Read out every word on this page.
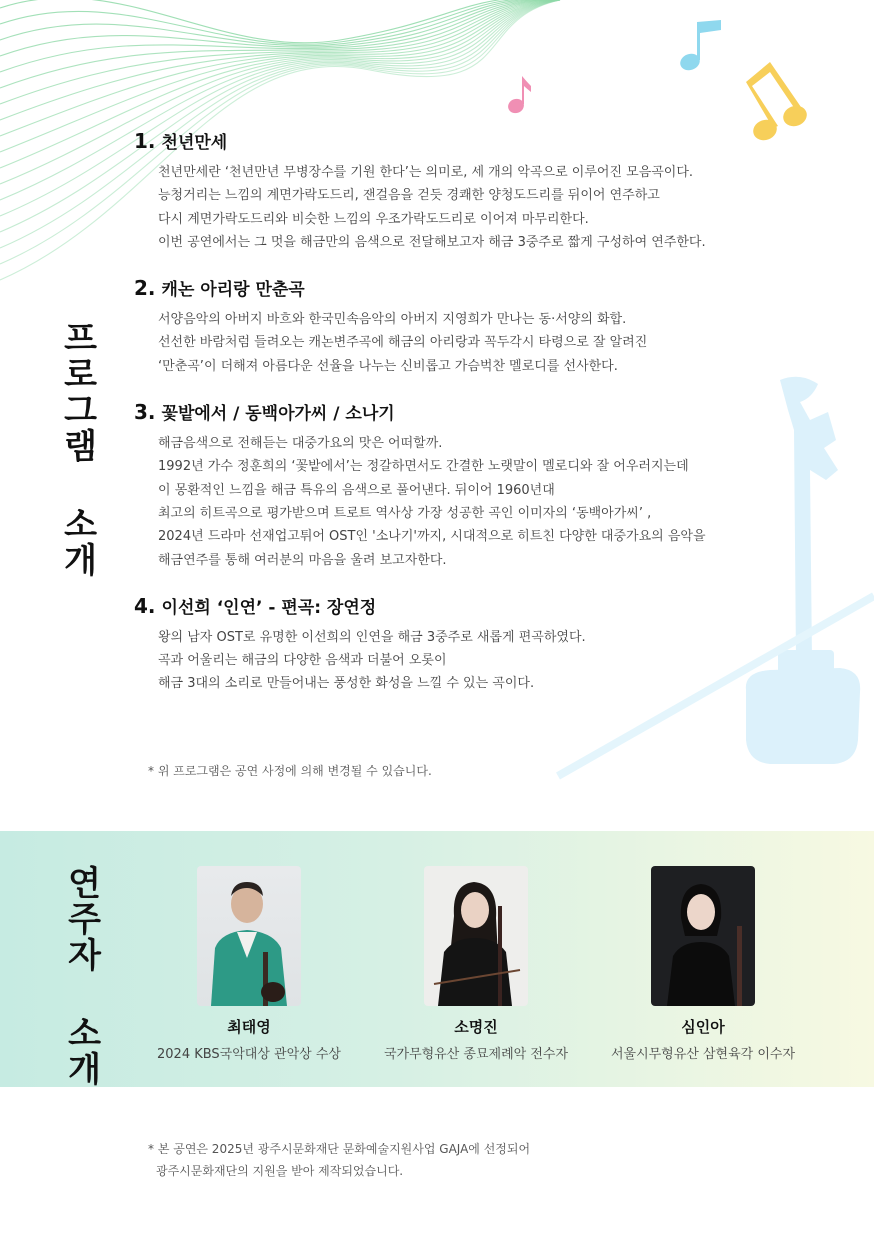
프로그램 소개
1. 천년만세
천년만세란 ‘천년만년 무병장수를 기원 한다’는 의미로, 세 개의 악곡으로 이루어진 모음곡이다.
능청거리는 느낌의 계면가락도드리, 잰걸음을 걷듯 경쾌한 양청도드리를 뒤이어 연주하고
다시 계면가락도드리와 비슷한 느낌의 우조가락도드리로 이어져 마무리한다.
이번 공연에서는 그 멋을 해금만의 음색으로 전달해보고자 해금 3중주로 짧게 구성하여 연주한다.
2. 캐논 아리랑 만춘곡
서양음악의 아버지 바흐와 한국민속음악의 아버지 지영희가 만나는 동·서양의 화합.
선선한 바람처럼 들려오는 캐논변주곡에 해금의 아리랑과 꼭두각시 타령으로 잘 알려진
‘만춘곡’이 더해져 아름다운 선율을 나누는 신비롭고 가슴벅찬 멜로디를 선사한다.
3. 꽃밭에서 / 동백아가씨 / 소나기
해금음색으로 전해듣는 대중가요의 맛은 어떠할까.
1992년 가수 정훈희의 ‘꽃밭에서’는 정갈하면서도 간결한 노랫말이 멜로디와 잘 어우러지는데
이 몽환적인 느낌을 해금 특유의 음색으로 풀어낸다. 뒤이어 1960년대
최고의 히트곡으로 평가받으며 트로트 역사상 가장 성공한 곡인 이미자의 ‘동백아가씨’ ,
2024년 드라마 선재업고튀어 OST인 '소나기'까지, 시대적으로 히트친 다양한 대중가요의 음악을
해금연주를 통해 여러분의 마음을 울려 보고자한다.
4. 이선희 ‘인연’ - 편곡: 장연정
왕의 남자 OST로 유명한 이선희의 인연을 해금 3중주로 새롭게 편곡하였다.
곡과 어울리는 해금의 다양한 음색과 더불어 오롯이
해금 3대의 소리로 만들어내는 풍성한 화성을 느낄 수 있는 곡이다.
* 위 프로그램은 공연 사정에 의해 변경될 수 있습니다.
연주자 소개	최태영
2024 KBS국악대상 관악상 수상
소명진
국가무형유산 종묘제례악 전수자
심인아
서울시무형유산 삼현육각 이수자
* 본 공연은 2025년 광주시문화재단 문화예술지원사업 GAJA에 선정되어
광주시문화재단의 지원을 받아 제작되었습니다.
